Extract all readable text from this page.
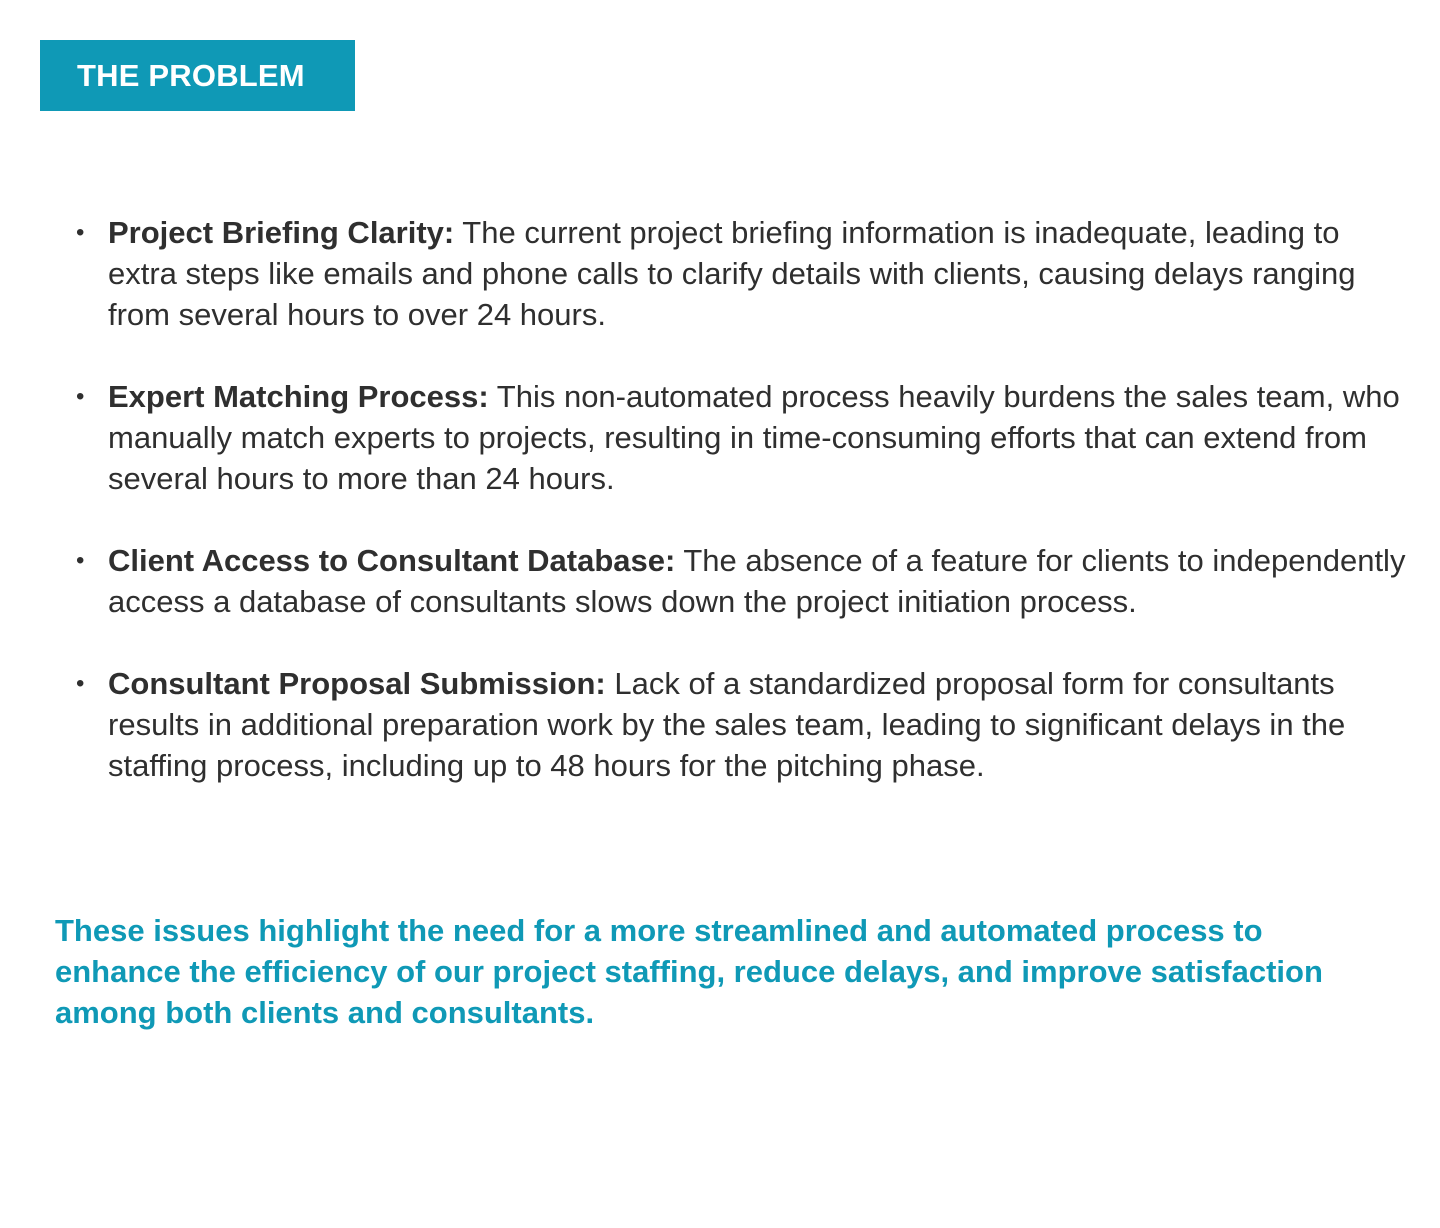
THE PROBLEM
• Project Briefing Clarity: The current project briefing information is inadequate, leading to extra steps like emails and phone calls to clarify details with clients, causing delays ranging from several hours to over 24 hours.
• Expert Matching Process: This non-automated process heavily burdens the sales team, who manually match experts to projects, resulting in time-consuming efforts that can extend from several hours to more than 24 hours.
• Client Access to Consultant Database: The absence of a feature for clients to independently access a database of consultants slows down the project initiation process.
• Consultant Proposal Submission: Lack of a standardized proposal form for consultants results in additional preparation work by the sales team, leading to significant delays in the staffing process, including up to 48 hours for the pitching phase.

These issues highlight the need for a more streamlined and automated process to enhance the efficiency of our project staffing, reduce delays, and improve satisfaction among both clients and consultants.
